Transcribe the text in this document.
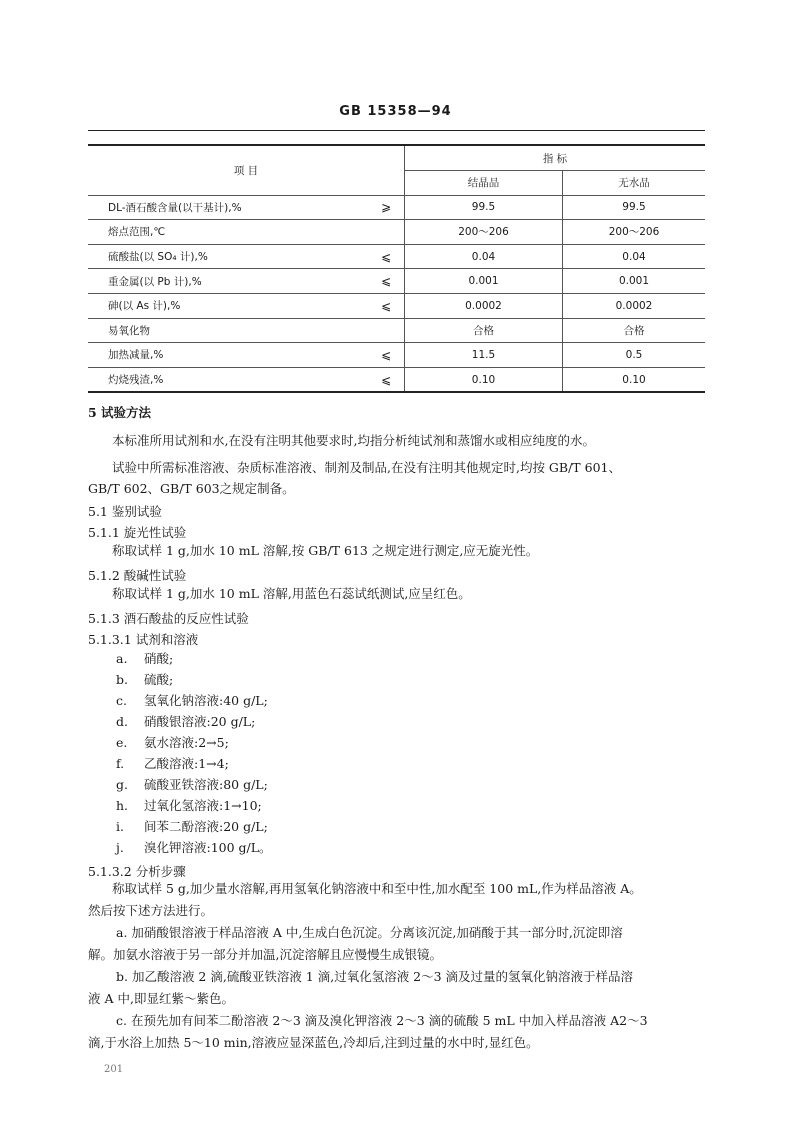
GB 15358—94
项 目		指 标	
		结晶品	无水品
DL-酒石酸含量(以干基计),%	⩾	99.5	99.5
熔点范围,℃		200～206	200～206
硫酸盐(以 SO₄ 计),%	⩽	0.04	0.04
重金属(以 Pb 计),%	⩽	0.001	0.001
砷(以 As 计),%	⩽	0.0002	0.0002
易氧化物		合格	合格
加热减量,%	⩽	11.5	0.5
灼烧残渣,%	⩽	0.10	0.10
5 试验方法
本标准所用试剂和水,在没有注明其他要求时,均指分析纯试剂和蒸馏水或相应纯度的水。
试验中所需标准溶液、杂质标准溶液、制剂及制品,在没有注明其他规定时,均按 GB/T 601、
GB/T 602、GB/T 603之规定制备。
5.1 鉴别试验
5.1.1 旋光性试验
称取试样 1 g,加水 10 mL 溶解,按 GB/T 613 之规定进行测定,应无旋光性。
5.1.2 酸碱性试验
称取试样 1 g,加水 10 mL 溶解,用蓝色石蕊试纸测试,应呈红色。
5.1.3 酒石酸盐的反应性试验
5.1.3.1 试剂和溶液
a. 硝酸;
b. 硫酸;
c. 氢氧化钠溶液:40 g/L;
d. 硝酸银溶液:20 g/L;
e. 氨水溶液:2→5;
f. 乙酸溶液:1→4;
g. 硫酸亚铁溶液:80 g/L;
h. 过氧化氢溶液:1→10;
i. 间苯二酚溶液:20 g/L;
j. 溴化钾溶液:100 g/L。
5.1.3.2 分析步骤
称取试样 5 g,加少量水溶解,再用氢氧化钠溶液中和至中性,加水配至 100 mL,作为样品溶液 A。
然后按下述方法进行。
a. 加硝酸银溶液于样品溶液 A 中,生成白色沉淀。分离该沉淀,加硝酸于其一部分时,沉淀即溶
解。加氨水溶液于另一部分并加温,沉淀溶解且应慢慢生成银镜。
b. 加乙酸溶液 2 滴,硫酸亚铁溶液 1 滴,过氧化氢溶液 2～3 滴及过量的氢氧化钠溶液于样品溶
液 A 中,即显红紫～紫色。
c. 在预先加有间苯二酚溶液 2～3 滴及溴化钾溶液 2～3 滴的硫酸 5 mL 中加入样品溶液 A2～3
滴,于水浴上加热 5～10 min,溶液应显深蓝色,冷却后,注到过量的水中时,显红色。
201
